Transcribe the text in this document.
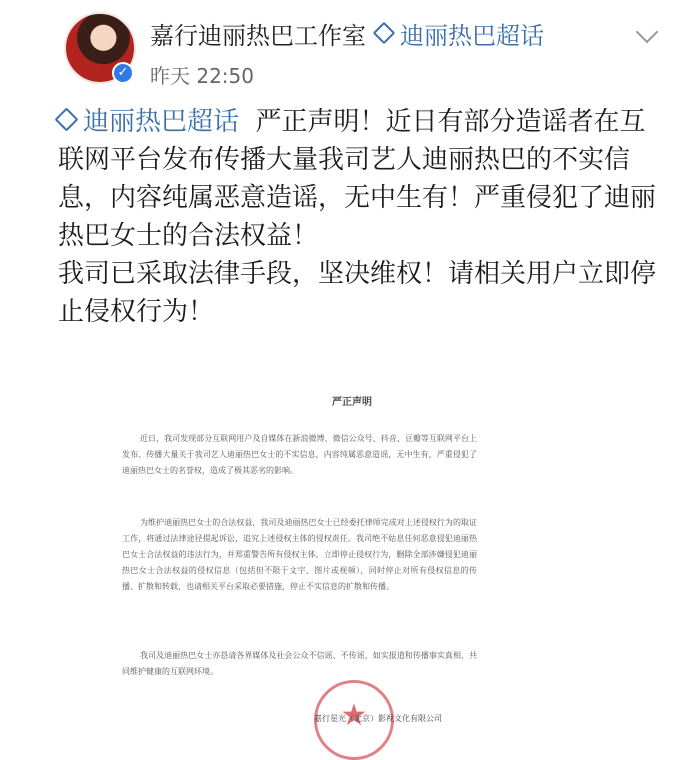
✓
嘉行迪丽热巴工作室 迪丽热巴超话
昨天 22:50
迪丽热巴超话 严正声明！近日有部分造谣者在互联网平台发布传播大量我司艺人迪丽热巴的不实信息，内容纯属恶意造谣，无中生有！严重侵犯了迪丽热巴女士的合法权益！
我司已采取法律手段，坚决维权！请相关用户立即停止侵权行为！
严正声明
近日，我司发现部分互联网用户及自媒体在新浪微博、微信公众号、抖音、豆瓣等互联网平台上发布、传播大量关于我司艺人迪丽热巴女士的不实信息，内容纯属恶意造谣，无中生有，严重侵犯了迪丽热巴女士的名誉权，造成了极其恶劣的影响。
为维护迪丽热巴女士的合法权益，我司及迪丽热巴女士已经委托律师完成对上述侵权行为的取证工作，将通过法律途径提起诉讼，追究上述侵权主体的侵权责任。我司绝不姑息任何恶意侵犯迪丽热巴女士合法权益的违法行为，并郑重警告所有侵权主体，立即停止侵权行为，删除全部涉嫌侵犯迪丽热巴女士合法权益的侵权信息（包括但不限于文字、图片或视频），同时停止对所有侵权信息的传播、扩散和转载，也请相关平台采取必要措施，停止不实信息的扩散和传播。
我司及迪丽热巴女士亦恳请各界媒体及社会公众不信谣、不传谣，如实报道和传播事实真相，共同维护健康的互联网环境。
★
嘉行星光（北京）影视文化有限公司
